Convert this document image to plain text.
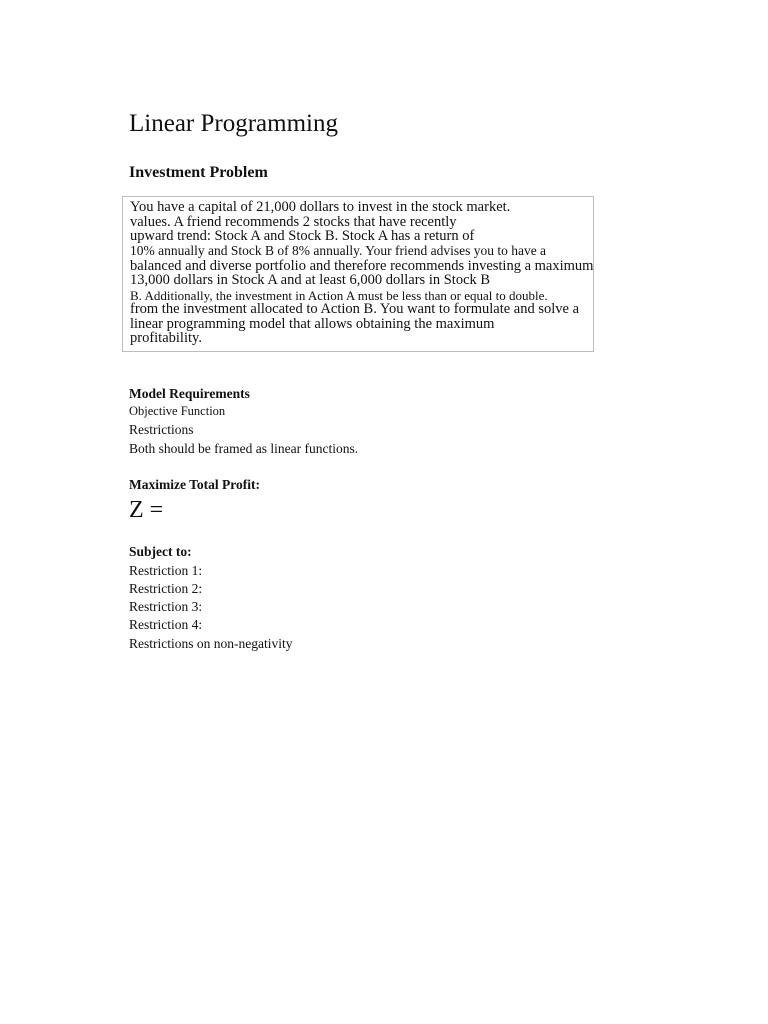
Linear Programming
Investment Problem
You have a capital of 21,000 dollars to invest in the stock market.
values. A friend recommends 2 stocks that have recently
upward trend: Stock A and Stock B. Stock A has a return of
10% annually and Stock B of 8% annually. Your friend advises you to have a
balanced and diverse portfolio and therefore recommends investing a maximum
13,000 dollars in Stock A and at least 6,000 dollars in Stock B
B. Additionally, the investment in Action A must be less than or equal to double.
from the investment allocated to Action B. You want to formulate and solve a
linear programming model that allows obtaining the maximum
profitability.
Model Requirements
Objective Function
Restrictions
Both should be framed as linear functions.
Maximize Total Profit:
Z =
Subject to:
Restriction 1:
Restriction 2:
Restriction 3:
Restriction 4:
Restrictions on non-negativity
